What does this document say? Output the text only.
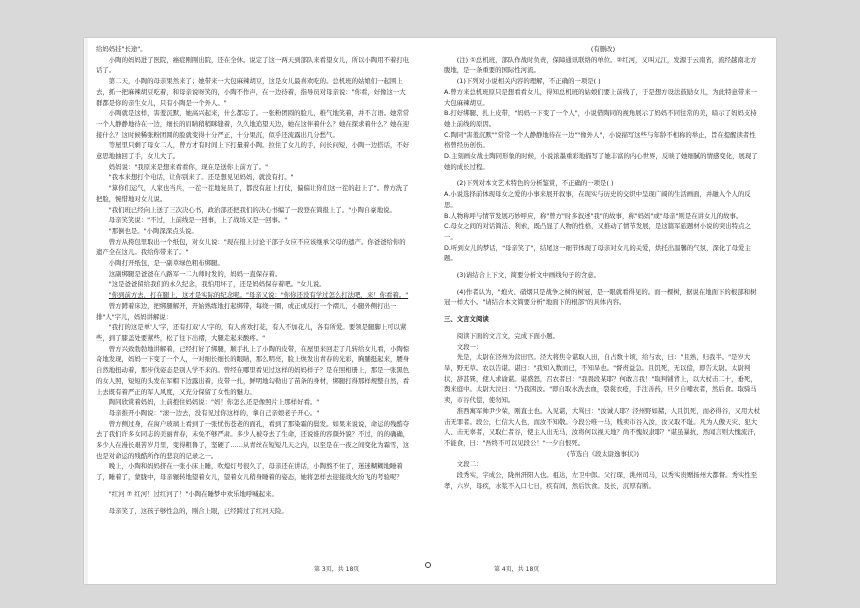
给妈妈挂"长途"。

小陶的妈妈进了医院，癌症刚刚出院，还在全休。说定了这一两天到部队来看望女儿，所以小陶用不着打电话了。

第二天，小陶的母亲果然来了；她带来一大包麻辣胡豆，这是女儿最喜欢吃的。总机班的姑娘们一起围上去，抓一把麻辣胡豆吃着，和母亲说呀笑的，小陶不作声，在一边待着，指导员对母亲说："你看，好像这一大群都是你的亲生女儿，只有小陶是一个外人。"

小陶就是这样，害羞沉默，她高兴起来，什么都忘了。一张粉团圆的脸儿，稚气地笑着，并不言语。她常常一个人静静地待在一边，细长的眉睛稍稍眯缝着，久久地追望天边，她在这伴着什么？她在探求着什么？她在迎接什么？这时候稀张粉团圆的脸就变得十分严正，十分果沉，似乎还流露出几分愁气。

等屋里只剩了母女二人，曾方才有时间上下打量着小陶。拉住了女儿的手，问长问短，小陶一边搭话，不好意思地抽回了手，女儿大了。

妈妈说："我原来是想来看看你，现在是送你上前方了。"

"我本来想打个电话，让你别来了。还是想见见妈妈，就没有打。"

"算你们运气，人家也当兵，一茬一茬地复员了，都没有赶上打仗，偏偏让你们这一茬的赶上了"。曾方洗了把脸，惋惜地对女儿说。

"我们班已经向上送了三次决心书，政治部还把我们的决心书编了一段登在简报上了。"小陶自豪地说。

母亲笑笑说："不过，上前线是一回事，上了战场又是一回事。"

"那倒也是。"小陶深深点头说。

曾方从挎包里取出一个纸包，对女儿说："现在报上讨论干部子女应不应该继承父母的遗产。你爸爸给你的遗产全在这儿。我给你带来了。"

小陶打开纸包，是一副草绿色粗布绑腿。

这副绑腿是爸爸在八路军一二九师时发的，妈妈一直保存着。

"这是爸爸留给我们的永久纪念，我怕用坏了，还是妈妈保存着吧。"女儿说。

"你到前方去，打在腿上，这才是实际的纪念呢。"母亲又说："你你还没有学过怎么打法吧，来！你看着。"

曾方蹲着床边，把绑腿解开，开始熟练地打起绑带，每绕一圈，或正或反打一个褶儿，小腿外侧打出一排"人"字儿，妈妈讲解说：

"我打的这是单'人'字，还有打双'人'字的，有人喜欢打花，有人不加花儿，各有所爱。要领是腿脚上可以紧些，到了膝盖处要紧些，松了往下出褶，大腿走起来酸疼。"

曾方兴致勃勃地讲解着，已经打好了绑腿，顺手扎上了小陶的皮带，在屋里来回走了几转给女儿看，小陶惊奇地发现，妈妈一下变了一个人，一对细长细长的眼睛，那么明亮，脸上焕发出青春的光彩，胸脯挺起来，腰身自然地扭动着，那步伐姿态是别人学不来的。曾经在哪里看见过这样的妈妈样子？是在照相册上，那是一张黑色的女人照，短短的头发在军帽下边露出着，皮带一扎，鲜明地勾勒出了苗条的身材，绑腿打得那样规整自然，看上去既有着严正的军人风度，又充分保留了女性的魅力。

陶同欣赏着妈妈，上前抱住妈妈说："妈！你怎么还是像照片上那样好看。"

母亲推开小陶说："滚一边去，没有见过你这样的，拿自己亲娘老子开心。"

曾方侧过身，在窗户玻璃上看到了一张忧伤苍老的面孔，看到了那染霜的鬓发。如果来说说，命运的残酷夺去了我们许多女同志的美丽青春，未免不够严肃。多少人被夺去了生命，还说谁的容颜外貌？不过，的的确确，多少人在漫长艰苦岁月里，变得粗鲁了，坚硬了……从青丝在短短几天之内，以至是在一夜之间变化为霜雪，这也是对命运的残酷所作的悲哀的记录之一。

晚上，小陶和妈妈挤在一张小床上睡，吹熄灯号很久了，母亲还在讲话，小陶熬不住了，迷迷糊糊地睡着了，睡着了，蒙胧中，母亲辗转地望着女儿，望着女儿稍身睡着的姿态，她将怎样去迎接战火纷飞的考验呢？

"红河 ⑦ 红河！过红河了！"小陶在睡梦中欢乐地呼喊起来。

母亲笑了，这孩子够性急的，刚合上眼，已经跨过了红河天险。

(有删改)

(注) ①总机班，部队作战时负责，保障通讯联络的单位。②红河，又叫元江，发源于云南省，流经越南北方腹地，是一条重要的国际性河流。

(1)下列对小说相关内容的理解，不正确的一项是( )

A.曾方来总机班原只是想看看女儿，得知总机班的姑娘们要上前线了，于是想方设法鼓励女儿，为此特意带来一大包麻辣胡豆。

B.打好绑腿、扎上皮带，"妈妈一下变了一个人"，小说借陶同的视角展示了妈妈不同往常的美，暗示了妈妈支持她上前线的原因。

C.陶同"害羞沉默""常常一个人静静地待在一边""像外人"，小说描写这些与年龄不相称的举止，旨在提醒读者性格曾经历创伤。

D.主刻画女战士陶同形象的时候，小说浓墨重彩地描写了她丰富的内心世界，反映了她细腻的情感变化，展现了她的成长过程。

(2)下列对本文艺术特色的分析鉴赏，不正确的一项是( )

A.小说选择前体现母女之爱的小事来展开叙事，在现实与历史的交织中呈现广阔的生活画面，并融入个人的反思。

B.人物称呼与情节发展巧妙呼应，称"曾方"时多叙述"我"的故事，称"妈妈"或"母亲"则是在讲女儿的故事。

C.母女之间的对话简洁、利索，既凸显了人物的性格，又推动了情节发展，是这篇军旅题材小说的突出特点之一。

D.听到女儿的梦话，"母亲笑了"，结尾这一细节体现了母亲对女儿的关爱，烘托出温馨的气氛，深化了母爱主题。

(3)请结合上下文，简要分析文中画线句子的含意。

(4)作者认为，"炮火、硝烟只是战争之树的树冠，是一眼就看得见的。而一棵树，据说在地面下的根部和树冠一样大小。"请结合本文简要分析"地面下的根部"的具体内容。

三、文言文阅读

阅读下面的文言文，完成下面小题。

文段一：

先是，太尉在泾州为营田官。泾大将焦令谌取人田，自占数十顷，给与农，曰："且熟，归我半。"是岁大旱，野无草。农以告谌。谌曰："我知入数而已，不知旱也。"督责益急。且饥死，无以偿，即告太尉。太尉判状，辞甚巽，使人求谕谌。谌盛怒，召农者曰："我畏段某耶？何敢言我！"取判铺背上，以大杖击二十，垂死，舆来庭中。太尉大泣曰："乃我困汝。"即自取水洗去血，裂裳衣疮，手注善药，旦夕自哺农者，然后食。取骑马卖，市谷代偿，使勿知。

淮西寓军帅尹少荣，刚直士也。入见谌，大骂曰："汝诚人耶？泾州野如赭，人且饥死，而必得谷，又用大杖击无罪者。段公，仁信大人也，而汝不知敬。今段公唯一马，贱卖市谷入汝，汝又取不耻。凡为人傲天灾、犯大人、击无辜者，又取仁者谷，使主人出无马，汝将何以视天地？尚不愧奴隶耶？"谌虽暴抗，然闻言则大愧流汗，不能食，曰："吾终不可以见段公！"一夕自恨死。

(节选自《段太尉逸事状》)

文段二：

段秀实，字成公，陇州汧阳人也。祖达，左卫中郎。父行琛，洮州司马，以秀实贵赠扬州大都督。秀实性至孝，六岁，母疾，水浆不入口七日，疾有间，然后饮食。及长，沉厚有断。

第 3页，共 18页	第 4页，共 18页
